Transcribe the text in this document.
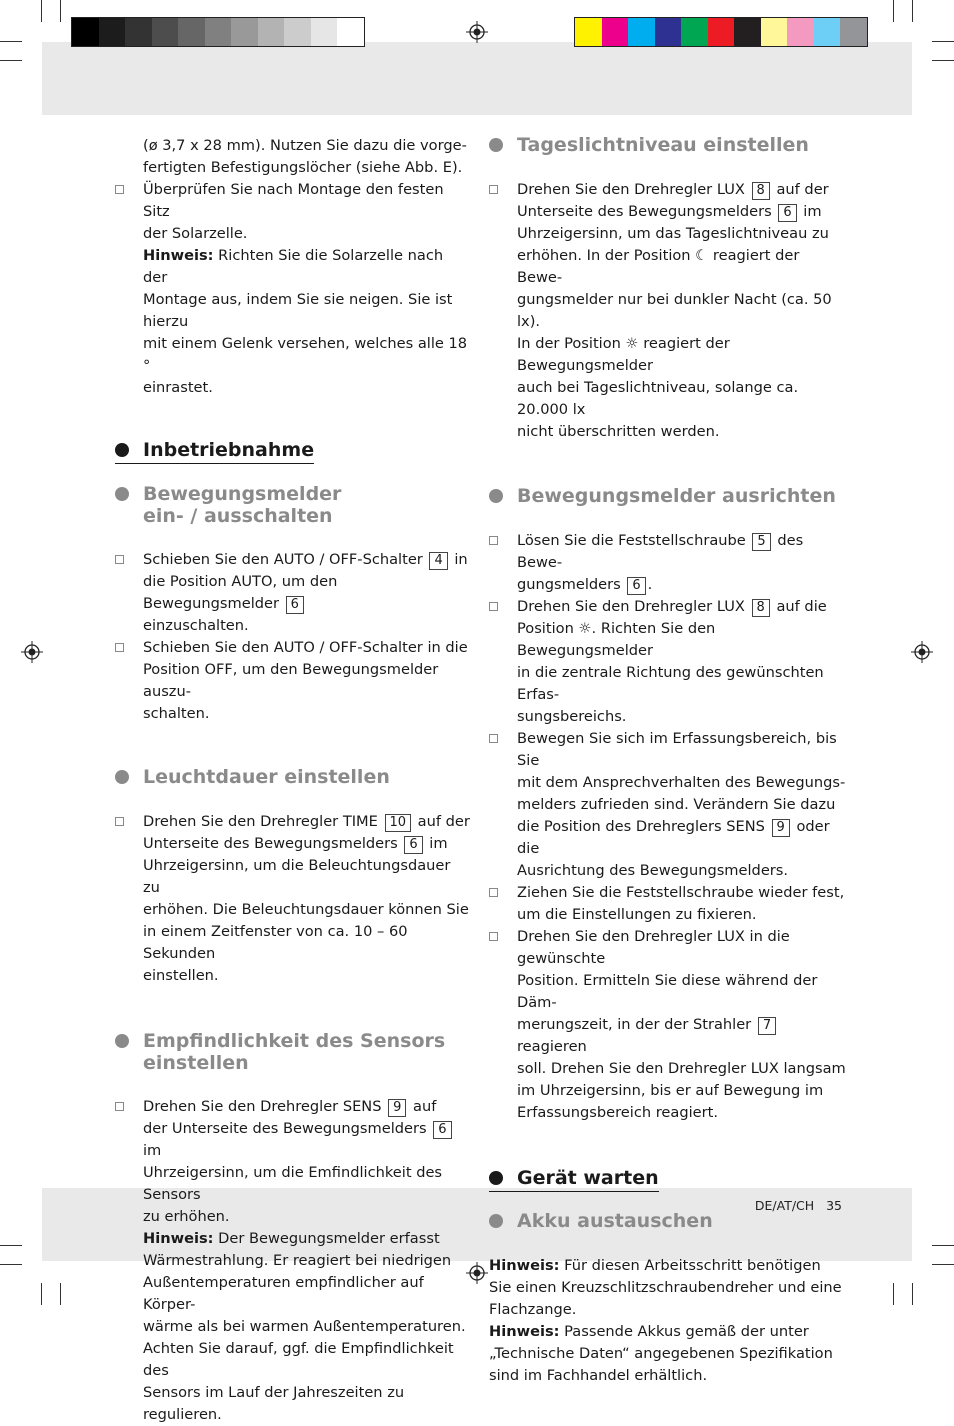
(ø 3,7 x 28 mm). Nutzen Sie dazu die vorge-

fertigten Befestigungslöcher (siehe Abb. E).

Überprüfen Sie nach Montage den festen Sitz

der Solarzelle.

Hinweis: Richten Sie die Solarzelle nach der

Montage aus, indem Sie sie neigen. Sie ist hierzu

mit einem Gelenk versehen, welches alle 18 °

einrastet.

Inbetriebnahme
Bewegungsmelder
ein- / ausschalten

Schieben Sie den AUTO / OFF-Schalter 4 in

die Position AUTO, um den Bewegungsmelder 6

einzuschalten.

Schieben Sie den AUTO / OFF-Schalter in die

Position OFF, um den Bewegungsmelder auszu-

schalten.

Leuchtdauer einstellen

Drehen Sie den Drehregler TIME 10 auf der

Unterseite des Bewegungsmelders 6 im

Uhrzeigersinn, um die Beleuchtungsdauer zu

erhöhen. Die Beleuchtungsdauer können Sie

in einem Zeitfenster von ca. 10 – 60 Sekunden

einstellen.

Empfindlichkeit des Sensors
einstellen

Drehen Sie den Drehregler SENS 9 auf

der Unterseite des Bewegungsmelders 6 im

Uhrzeigersinn, um die Emfindlichkeit des Sensors

zu erhöhen.

Hinweis: Der Bewegungsmelder erfasst

Wärmestrahlung. Er reagiert bei niedrigen

Außentemperaturen empfindlicher auf Körper-

wärme als bei warmen Außentemperaturen.

Achten Sie darauf, ggf. die Empfindlichkeit des

Sensors im Lauf der Jahreszeiten zu regulieren.

Tageslichtniveau einstellen

Drehen Sie den Drehregler LUX 8 auf der

Unterseite des Bewegungsmelders 6 im

Uhrzeigersinn, um das Tageslichtniveau zu

erhöhen. In der Position ☾ reagiert der Bewe-

gungsmelder nur bei dunkler Nacht (ca. 50 lx).

In der Position ☼ reagiert der Bewegungsmelder

auch bei Tageslichtniveau, solange ca. 20.000 lx

nicht überschritten werden.

Bewegungsmelder ausrichten

Lösen Sie die Feststellschraube 5 des Bewe-

gungsmelders 6 .

Drehen Sie den Drehregler LUX 8 auf die

Position ☼. Richten Sie den Bewegungsmelder

in die zentrale Richtung des gewünschten Erfas-

sungsbereichs.

Bewegen Sie sich im Erfassungsbereich, bis Sie

mit dem Ansprechverhalten des Bewegungs-

melders zufrieden sind. Verändern Sie dazu

die Position des Drehreglers SENS 9 oder die

Ausrichtung des Bewegungsmelders.

Ziehen Sie die Feststellschraube wieder fest,

um die Einstellungen zu fixieren.

Drehen Sie den Drehregler LUX in die gewünschte

Position. Ermitteln Sie diese während der Däm-

merungszeit, in der der Strahler 7 reagieren

soll. Drehen Sie den Drehregler LUX langsam

im Uhrzeigersinn, bis er auf Bewegung im

Erfassungsbereich reagiert.

Gerät warten
Akku austauschen

Hinweis: Für diesen Arbeitsschritt benötigen

Sie einen Kreuzschlitzschraubendreher und eine

Flachzange.

Hinweis: Passende Akkus gemäß der unter

„Technische Daten“ angegebenen Spezifikation

sind im Fachhandel erhältlich.

DE/AT/CH 35
